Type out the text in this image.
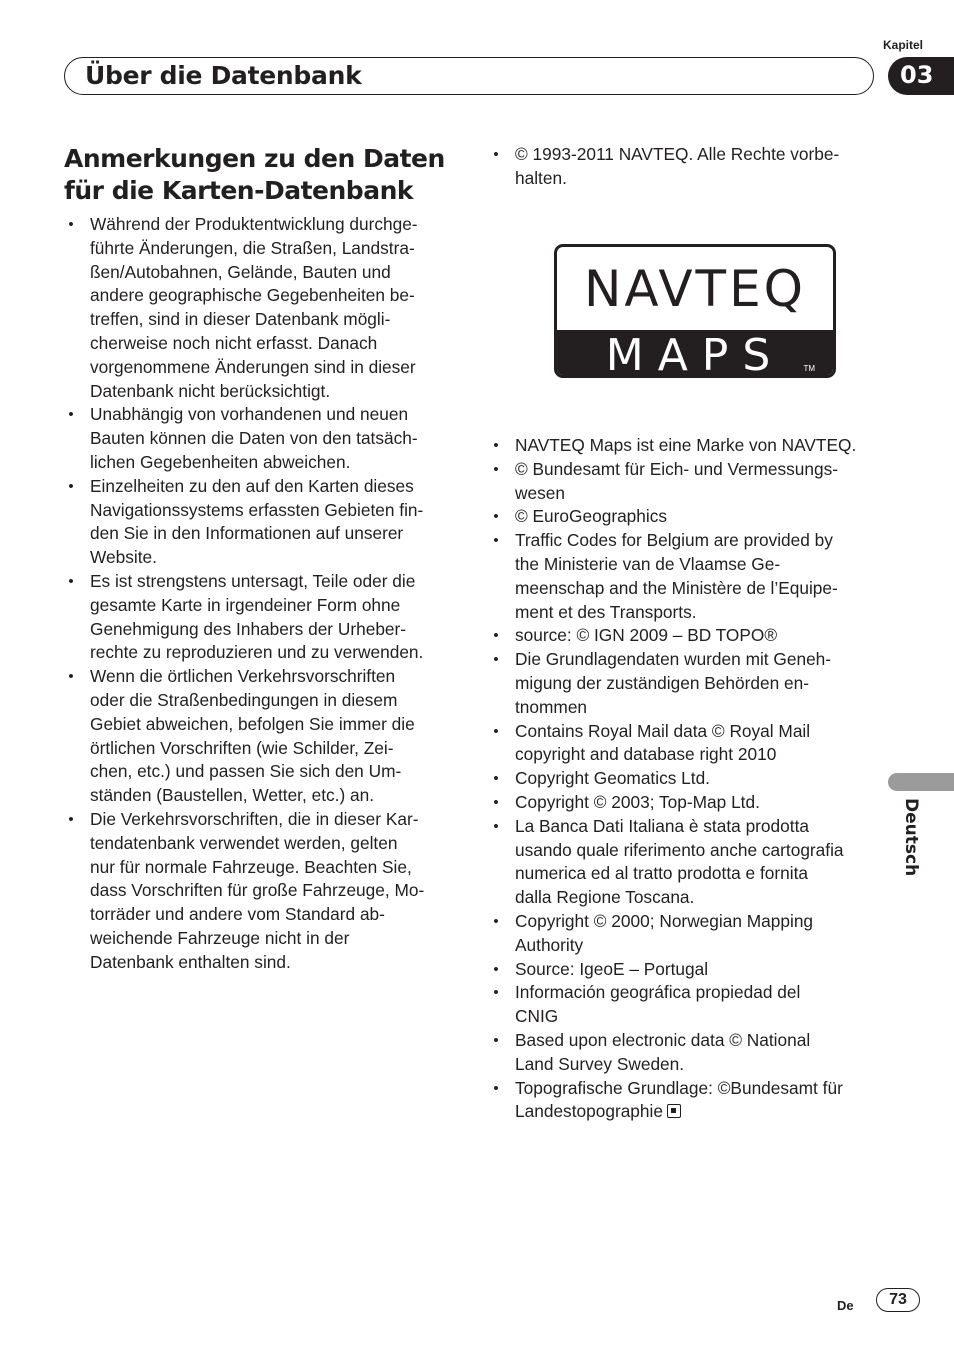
Kapitel
Über die Datenbank	03
Anmerkungen zu den Daten
für die Karten-Datenbank
• Während der Produktentwicklung durchge-
führte Änderungen, die Straßen, Landstra-
ßen/Autobahnen, Gelände, Bauten und
andere geographische Gegebenheiten be-
treffen, sind in dieser Datenbank mögli-
cherweise noch nicht erfasst. Danach
vorgenommene Änderungen sind in dieser
Datenbank nicht berücksichtigt.
• Unabhängig von vorhandenen und neuen
Bauten können die Daten von den tatsäch-
lichen Gegebenheiten abweichen.
• Einzelheiten zu den auf den Karten dieses
Navigationssystems erfassten Gebieten fin-
den Sie in den Informationen auf unserer
Website.
• Es ist strengstens untersagt, Teile oder die
gesamte Karte in irgendeiner Form ohne
Genehmigung des Inhabers der Urheber-
rechte zu reproduzieren und zu verwenden.
• Wenn die örtlichen Verkehrsvorschriften
oder die Straßenbedingungen in diesem
Gebiet abweichen, befolgen Sie immer die
örtlichen Vorschriften (wie Schilder, Zei-
chen, etc.) und passen Sie sich den Um-
ständen (Baustellen, Wetter, etc.) an.
• Die Verkehrsvorschriften, die in dieser Kar-
tendatenbank verwendet werden, gelten
nur für normale Fahrzeuge. Beachten Sie,
dass Vorschriften für große Fahrzeuge, Mo-
torräder und andere vom Standard ab-
weichende Fahrzeuge nicht in der
Datenbank enthalten sind.
• © 1993-2011 NAVTEQ. Alle Rechte vorbe-
halten.
NAVTEQ
MAPS TM
• NAVTEQ Maps ist eine Marke von NAVTEQ.
• © Bundesamt für Eich- und Vermessungs-
wesen
• © EuroGeographics
• Traffic Codes for Belgium are provided by
the Ministerie van de Vlaamse Ge-
meenschap and the Ministère de l’Equipe-
ment et des Transports.
• source: © IGN 2009 – BD TOPO®
• Die Grundlagendaten wurden mit Geneh-
migung der zuständigen Behörden en-
tnommen
• Contains Royal Mail data © Royal Mail
copyright and database right 2010
• Copyright Geomatics Ltd.
• Copyright © 2003; Top-Map Ltd.
• La Banca Dati Italiana è stata prodotta
usando quale riferimento anche cartografia
numerica ed al tratto prodotta e fornita
dalla Regione Toscana.
• Copyright © 2000; Norwegian Mapping
Authority
• Source: IgeoE – Portugal
• Información geográfica propiedad del
CNIG
• Based upon electronic data © National
Land Survey Sweden.
• Topografische Grundlage: ©Bundesamt für
Landestopographie
Deutsch
De	73
